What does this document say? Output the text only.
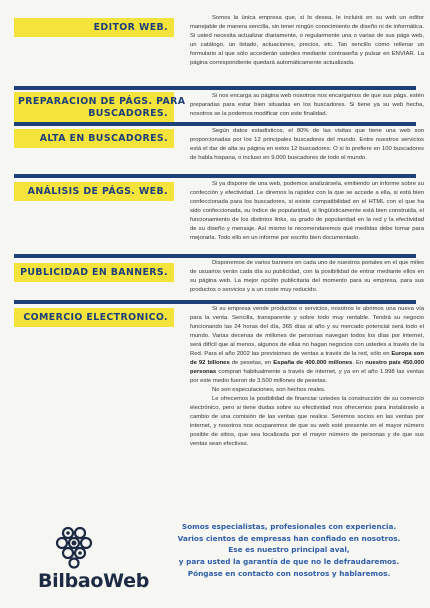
EDITOR WEB.

Somos la única empresa que, si lo desea, le incluirá en su web un editor manejable de manera sencilla, sin tener ningún conocimiento de diseño ni de informática. Si usted necesita actualizar diariamente, o regularmente una o varias de sus págs web, un catálogo, un listado, actuaciones, precios, etc. Tan sencillo como rellenar un formulario al que sólo accederán ustedes mediante contraseña y pulsar en ENVIAR. La página correspondiente quedará automáticamente actualizada.

PREPARACION DE PÁGS. PARA
BUSCADORES.

Si nos encarga su página web nosotros nos encargamos de que sus págs. estén preparadas para estar bien situadas en los buscadores. Si tiene ya su web hecha, nosotros se la podemos modificar con este finalidad.

ALTA EN BUSCADORES.

Según datos estadísticos, el 80% de las visitas que tiene una web son proporcionadas por los 12 principales buscadores del mundo. Entre nuestros servicios está el dar de alta su página en estos 12 buscadores. O si lo prefiere en 100 buscadores de habla hispana, o incluso en 9.000 buscadores de todo el mundo.

ANÁLISIS DE PÁGS. WEB.

Si ya dispone de una web, podemos analizársela, emitiendo un informe sobre su confección y efectividad. Le diremos la rapidez con la que se accede a ella, si está bien confeccionada para los buscadores, si existe compatibilidad en el HTML con el que ha sido confeccionada, su índice de popularidad, si lingüísticamente está bien construida, el funcionamiento de los distintos links, su grado de popularidad en la red y la efectividad de su diseño y mensaje. Así mismo le recomendaremos qué medidas debe tomar para mejorarla. Todo ello en un informe por escrito bien documentado.

PUBLICIDAD EN BANNERS.

Disponemos de varios banners en cada uno de nuestros portales en el que miles de usuarios verán cada día su publicidad, con la posibilidad de entrar mediante ellos en su página web. La mejor opción publicitaria del momento para su empresa, para sus productos o servicios y a un coste muy reducido.

COMERCIO ELECTRONICO.

Si su empresa vende productos o servicios, nosotros le abrimos una nueva vía para la venta. Sencilla, transparente y sobre todo muy rentable. Tendrá su negocio funcionando las 24 horas del día, 365 días al año y su mercado potencial será todo el mundo. Varias decenas de millones de personas navegan todos los días por internet, será difícil que al menos, algunos de ellas no hagan negocios con ustedes a través de la Red. Para el año 2002 las previsiones de ventas a través de la red, sólo en Europa son de 92 billones de pesetas, en España de 400.000 millones. En nuestro país 450.000 personas compran habitualmente a través de internet, y ya en el año 1.998 las ventas por este medio fueron de 3.500 millones de pesetas.

No son especulaciones, son hechos reales.

Le ofrecemos la posibilidad de financiar ustedes la construcción de su comercio electrónico, pero si tiene dudas sobre su efectividad nos ofrecemos para instalárselo a cambio de una comisión de las ventas que realice. Seremos socios en las ventas por internet, y nosotros nos ocuparemos de que su web esté presente en el mayor número posible de sitios, que sea localizada por el mayor número de personas y de que sus ventas sean efectivas.

BilbaoWeb
Somos especialistas, profesionales con experiencia.
Varios cientos de empresas han confiado en nosotros.
Ese es nuestro principal aval,
y para usted la garantía de que no le defraudaremos.
Póngase en contacto con nosotros y hablaremos.
